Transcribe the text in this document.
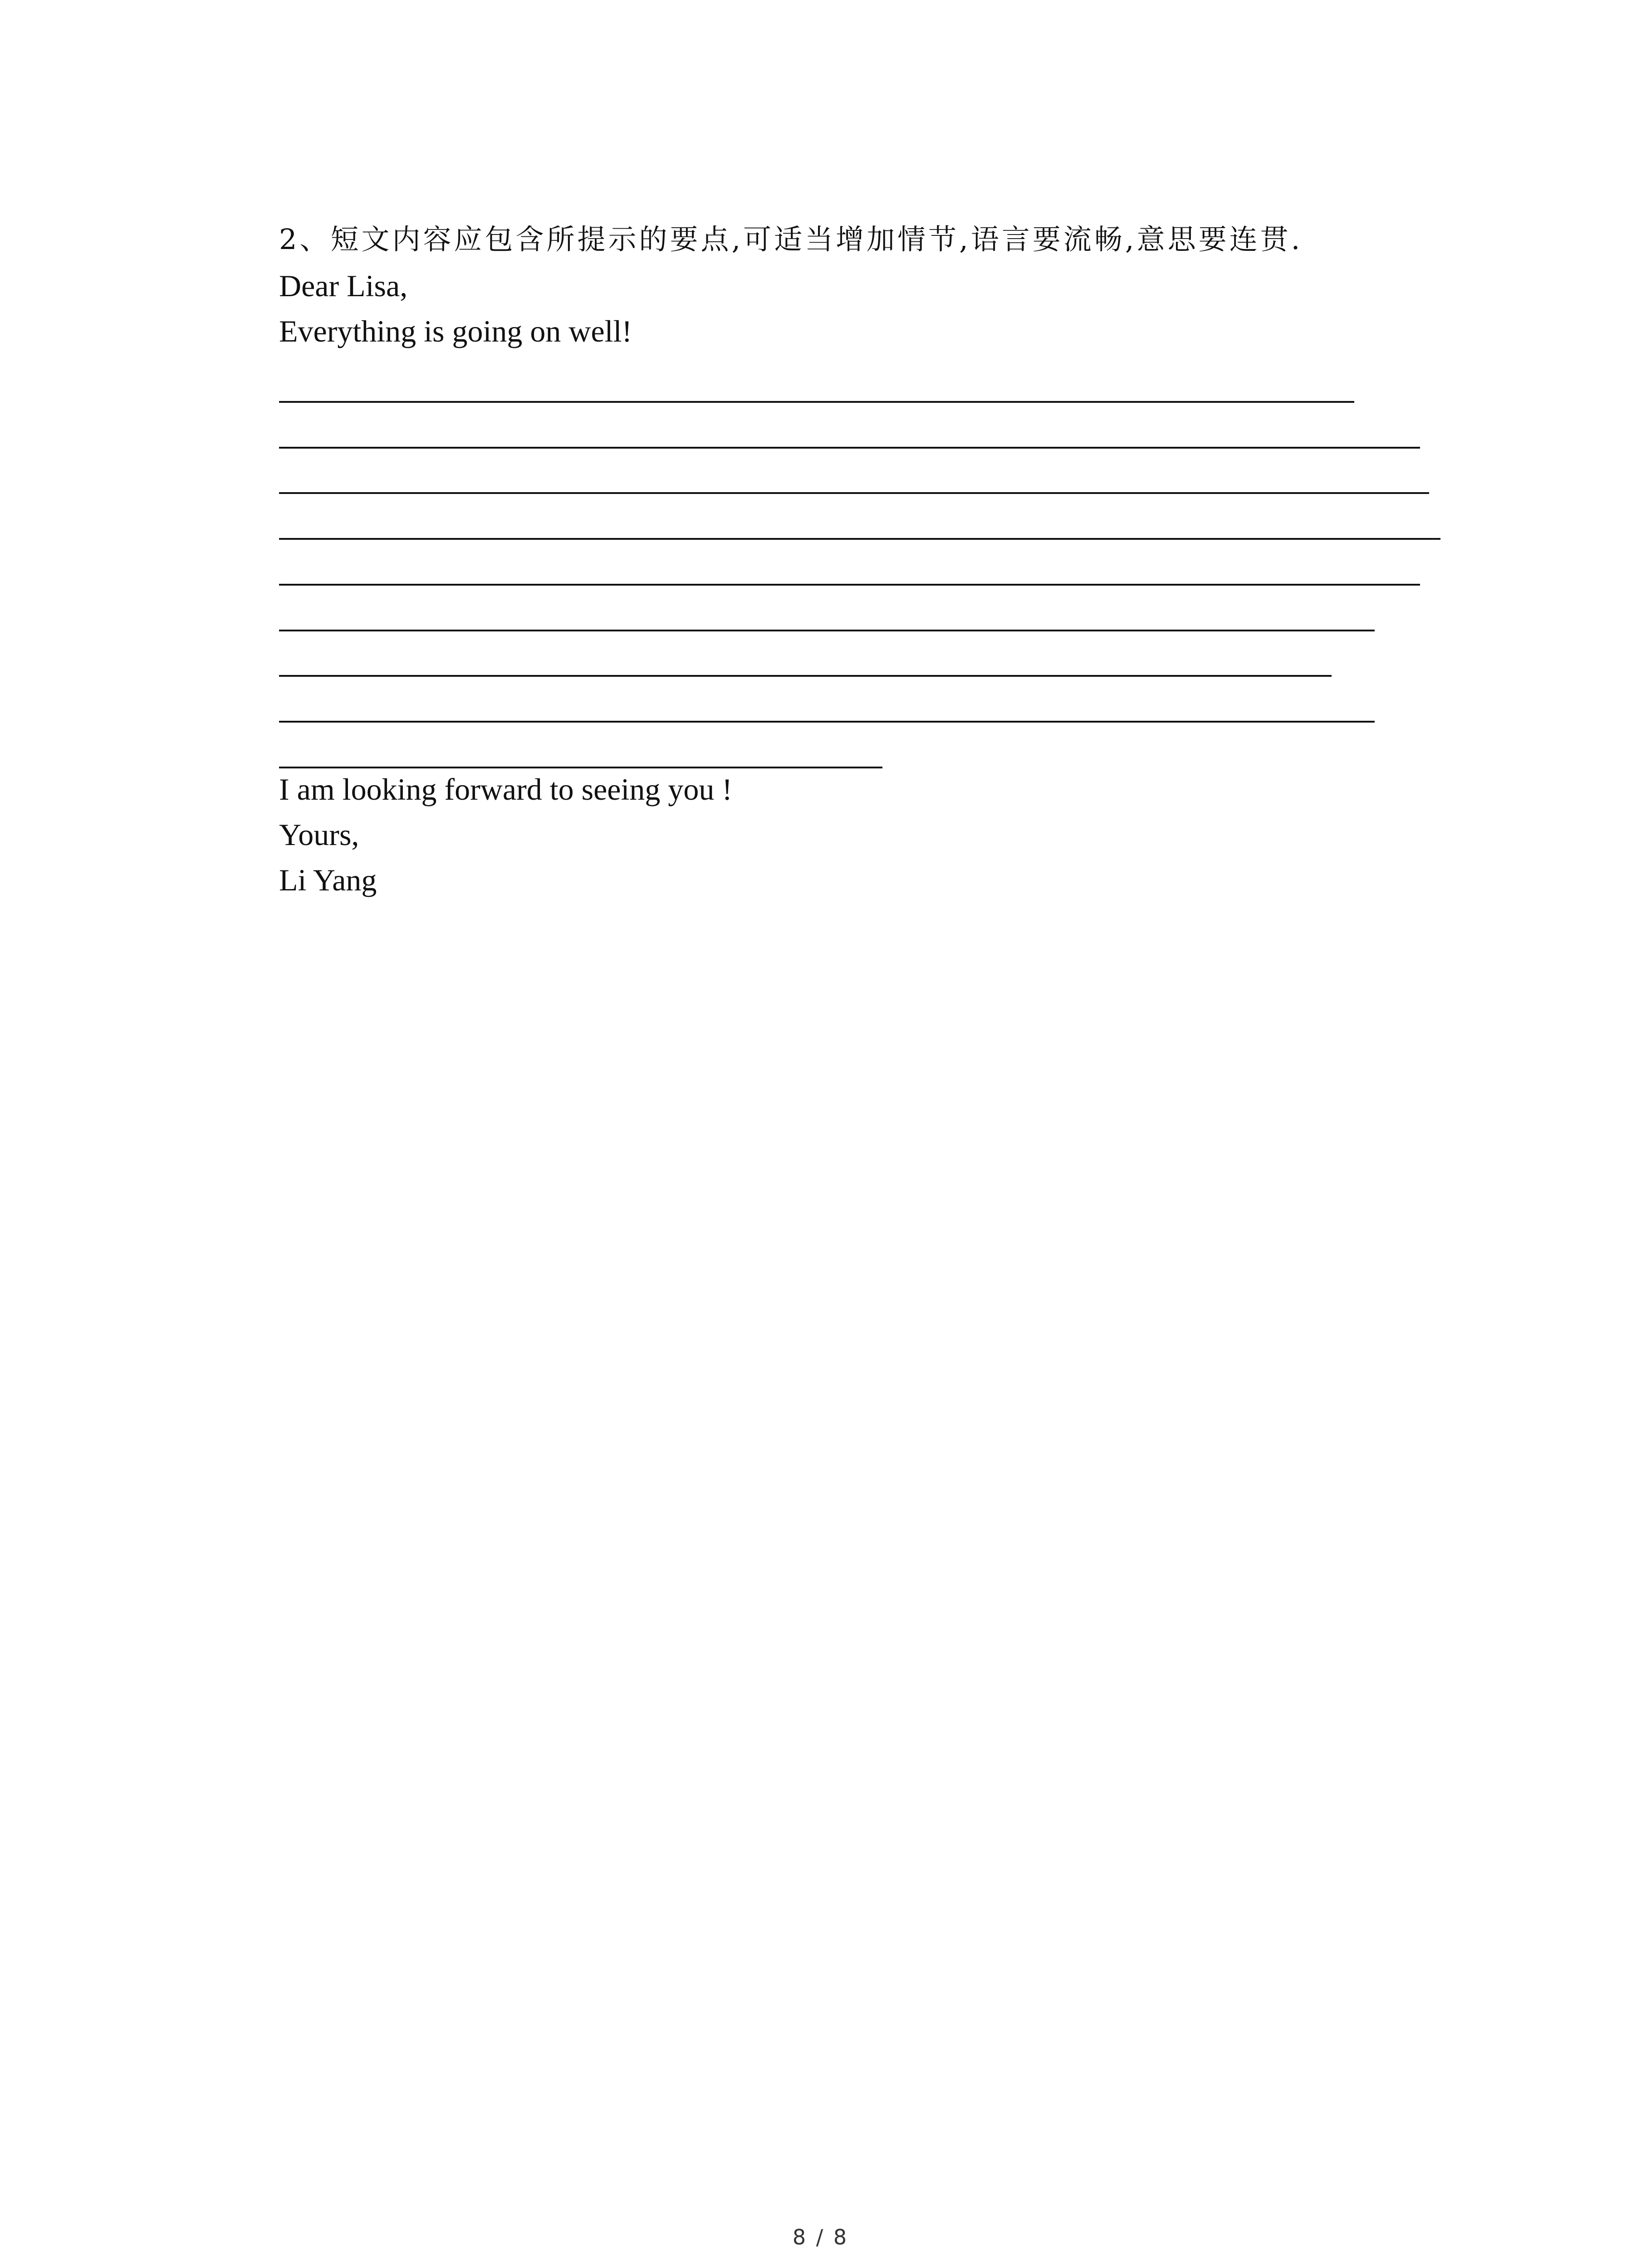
2、短文内容应包含所提示的要点,可适当增加情节,语言要流畅,意思要连贯.
Dear Lisa,
Everything is going on well!
I am looking forward to seeing you !
Yours,
Li Yang
8 / 8
